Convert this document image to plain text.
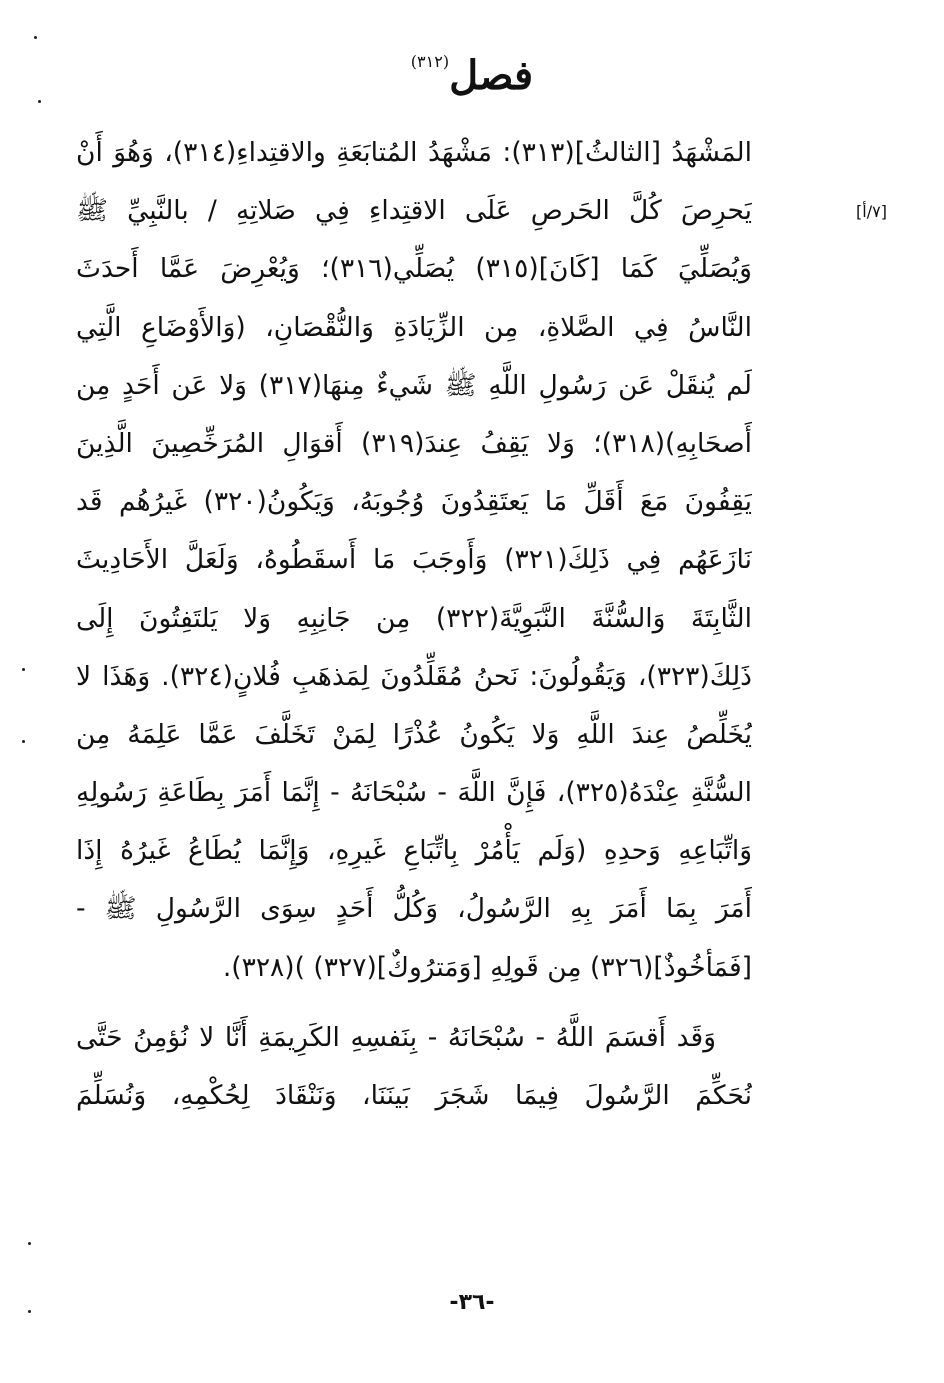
فصل(٣١٢)
[٧/أ]
المَشْهَدُ [الثالثُ](٣١٣): مَشْهَدُ المُتابَعَةِ والاقتِداءِ(٣١٤)، وَهُوَ أَنْ
يَحرِصَ كُلَّ الحَرصِ عَلَى الاقتِداءِ فِي صَلاتِهِ / بالنَّبِيِّ ﷺ
وَيُصَلِّيَ كَمَا [كَانَ](٣١٥) يُصَلِّي(٣١٦)؛ وَيُعْرِضَ عَمَّا أَحدَثَ
النَّاسُ فِي الصَّلاةِ، مِن الزِّيَادَةِ وَالنُّقْصَانِ، (وَالأَوْضَاعِ الَّتِي
لَم يُنقَلْ عَن رَسُولِ اللَّهِ ﷺ شَيءٌ مِنهَا(٣١٧) وَلا عَن أَحَدٍ مِن
أَصحَابِهِ)(٣١٨)؛ وَلا يَقِفُ عِندَ(٣١٩) أَقوَالِ المُرَخِّصِينَ الَّذِينَ
يَقِفُونَ مَعَ أَقَلِّ مَا يَعتَقِدُونَ وُجُوبَهُ، وَيَكُونُ(٣٢٠) غَيرُهُم قَد
نَازَعَهُم فِي ذَلِكَ(٣٢١) وَأَوجَبَ مَا أَسقَطُوهُ، وَلَعَلَّ الأَحَادِيثَ
الثَّابِتَةَ وَالسُّنَّةَ النَّبَوِيَّةَ(٣٢٢) مِن جَانِبِهِ وَلا يَلتَفِتُونَ إِلَى
ذَلِكَ(٣٢٣)، وَيَقُولُونَ: نَحنُ مُقَلِّدُونَ لِمَذهَبِ فُلانٍ(٣٢٤). وَهَذَا لا
يُخَلِّصُ عِندَ اللَّهِ وَلا يَكُونُ عُذْرًا لِمَنْ تَخَلَّفَ عَمَّا عَلِمَهُ مِن
السُّنَّةِ عِنْدَهُ(٣٢٥)، فَإِنَّ اللَّهَ - سُبْحَانَهُ - إِنَّمَا أَمَرَ بِطَاعَةِ رَسُولِهِ
وَاتِّبَاعِهِ وَحدِهِ (وَلَم يَأْمُرْ بِاتِّبَاعِ غَيرِهِ، وَإِنَّمَا يُطَاعُ غَيرُهُ إِذَا
أَمَرَ بِمَا أَمَرَ بِهِ الرَّسُولُ، وَكُلُّ أَحَدٍ سِوَى الرَّسُولِ ﷺ -
[فَمَأخُوذٌ](٣٢٦) مِن قَولِهِ [وَمَترُوكٌ](٣٢٧) )(٣٢٨).
وَقَد أَقسَمَ اللَّهُ - سُبْحَانَهُ - بِنَفسِهِ الكَرِيمَةِ أَنَّا لا نُؤمِنُ حَتَّى
نُحَكِّمَ الرَّسُولَ فِيمَا شَجَرَ بَينَنَا، وَنَنْقَادَ لِحُكْمِهِ، وَنُسَلِّمَ
-٣٦-
